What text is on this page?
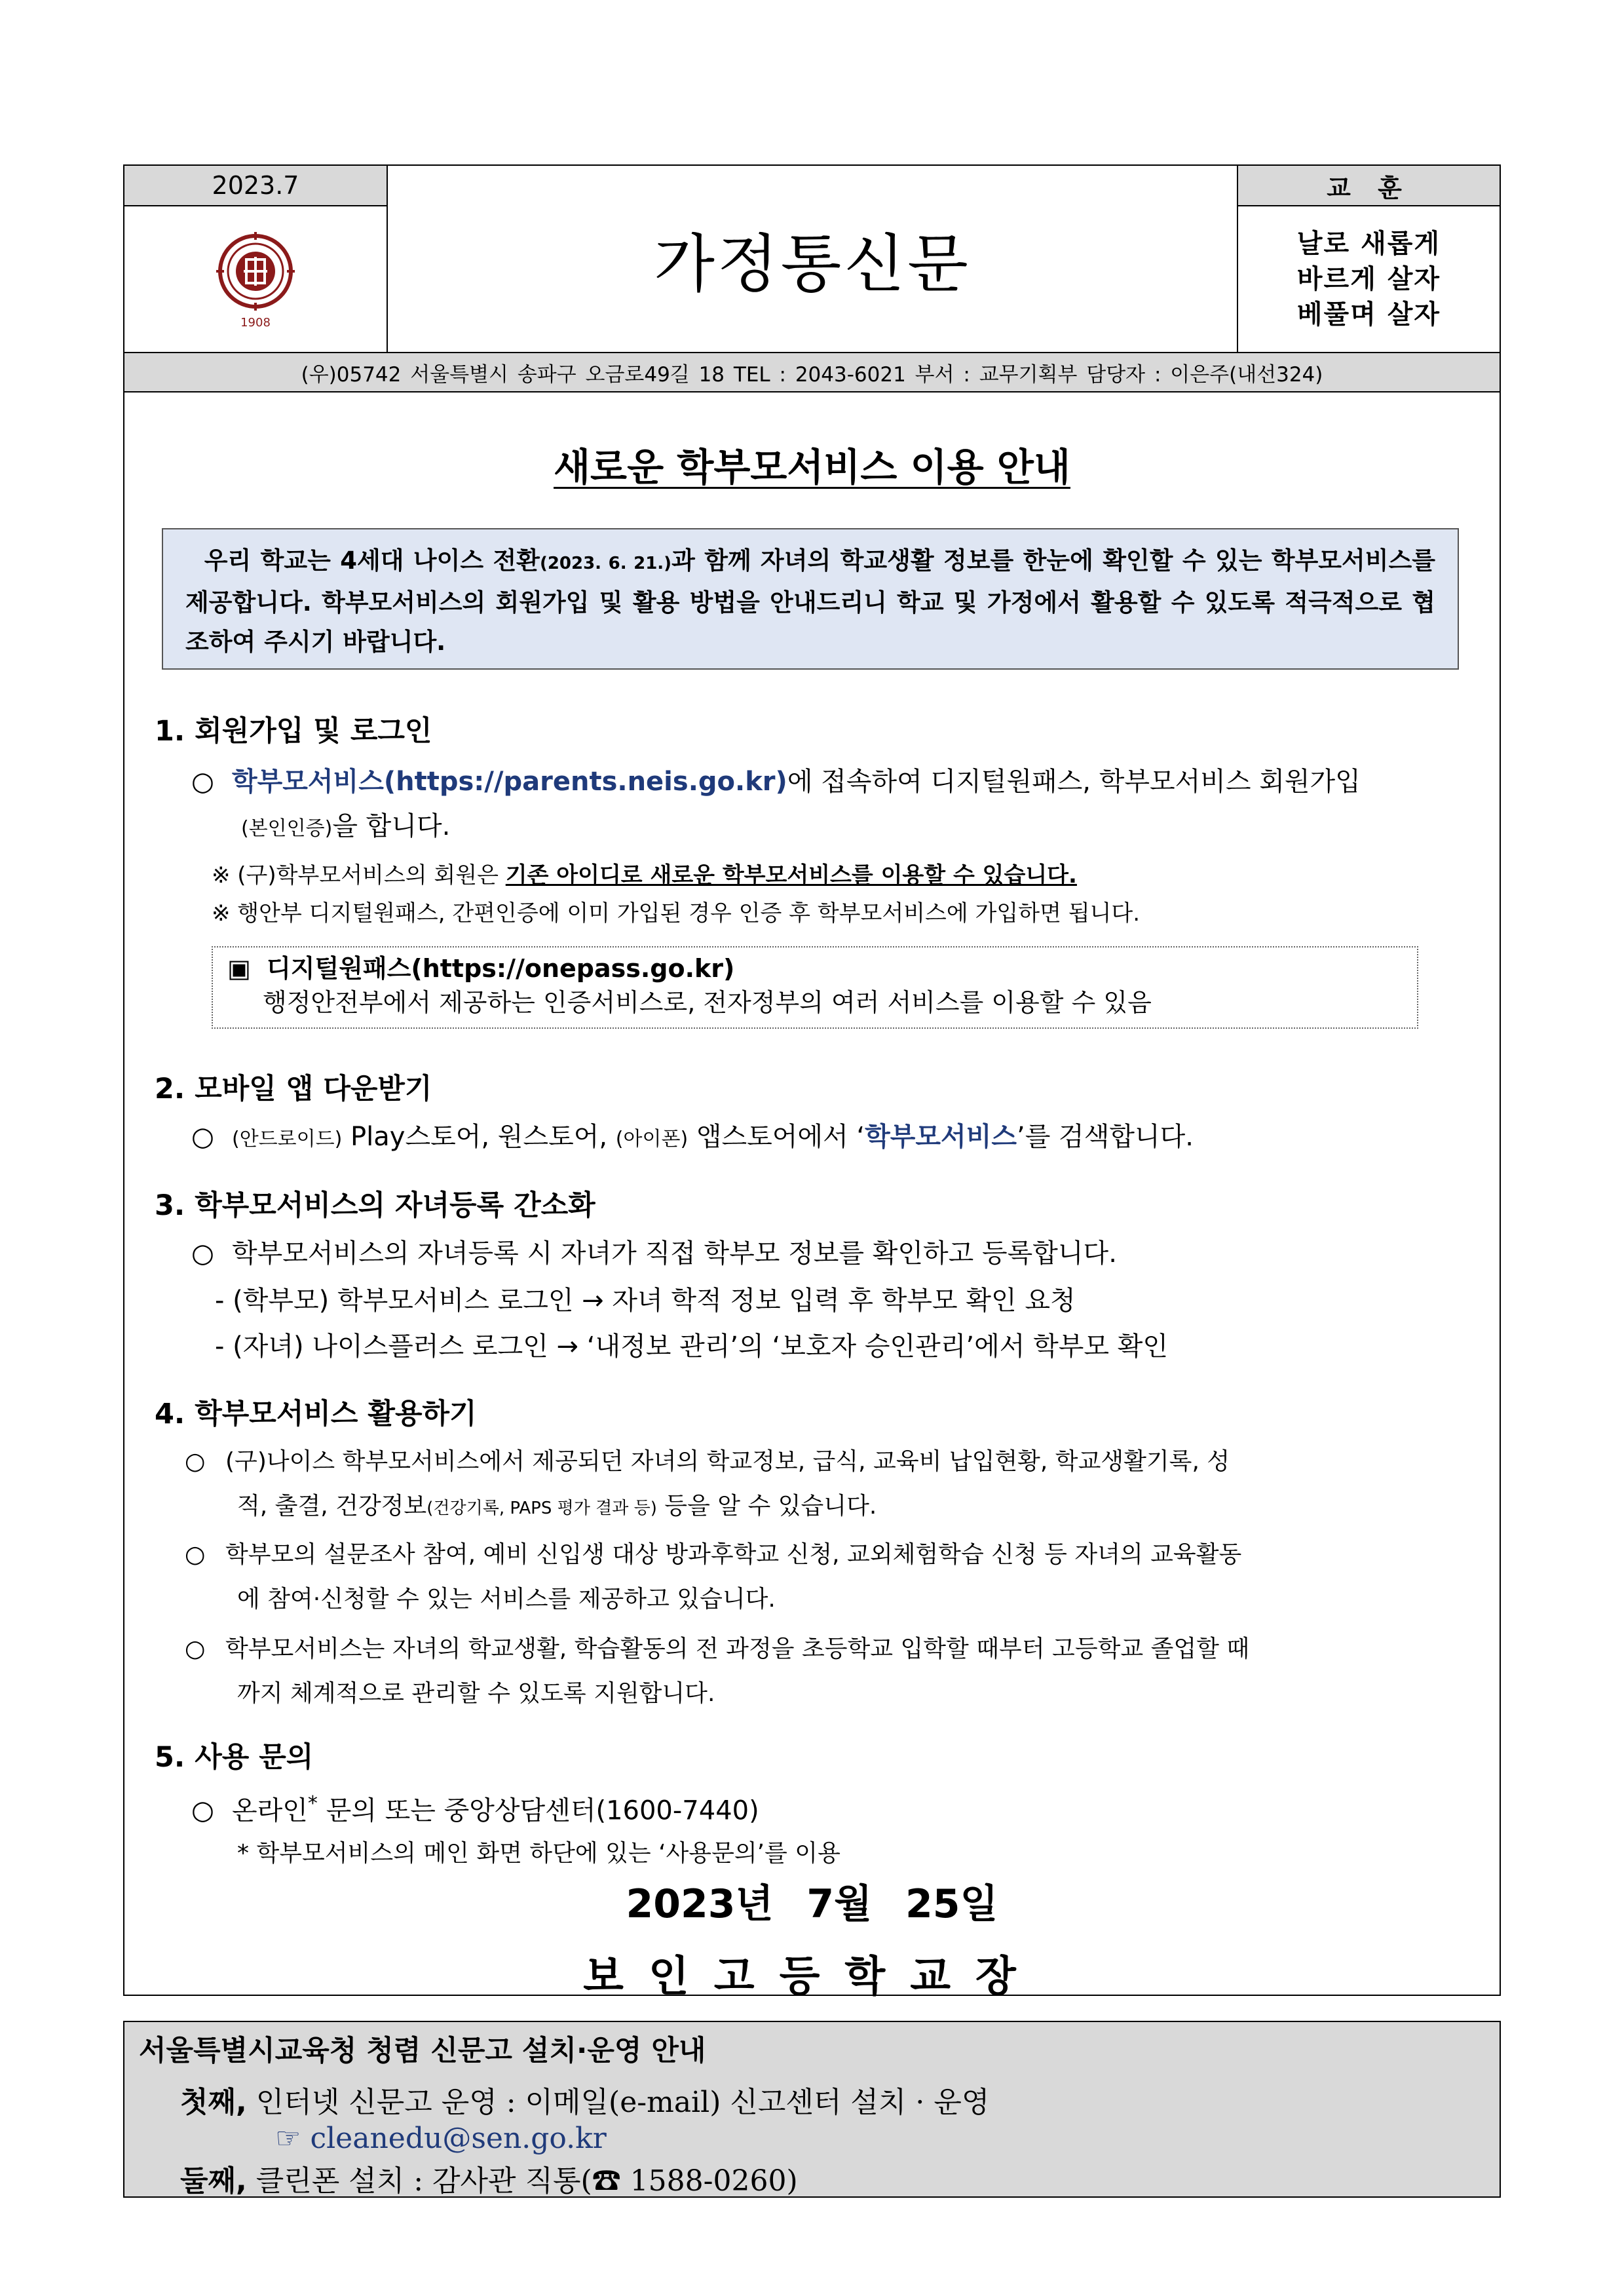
2023.7
1908
가정통신문
교 훈
날로 새롭게
바르게 살자
베풀며 살자
(우)05742 서울특별시 송파구 오금로49길 18 TEL : 2043-6021 부서 : 교무기획부 담당자 : 이은주(내선324)
새로운 학부모서비스 이용 안내
우리 학교는 4세대 나이스 전환(2023. 6. 21.)과 함께 자녀의 학교생활 정보를 한눈에 확인할 수 있는 학부모서비스를 제공합니다. 학부모서비스의 회원가입 및 활용 방법을 안내드리니 학교 및 가정에서 활용할 수 있도록 적극적으로 협조하여 주시기 바랍니다.
1. 회원가입 및 로그인
○ 학부모서비스(https://parents.neis.go.kr)에 접속하여 디지털원패스, 학부모서비스 회원가입
(본인인증)을 합니다.
※ (구)학부모서비스의 회원은 기존 아이디로 새로운 학부모서비스를 이용할 수 있습니다.
※ 행안부 디지털원패스, 간편인증에 이미 가입된 경우 인증 후 학부모서비스에 가입하면 됩니다.
▣ 디지털원패스(https://onepass.go.kr)
행정안전부에서 제공하는 인증서비스로, 전자정부의 여러 서비스를 이용할 수 있음
2. 모바일 앱 다운받기
○ (안드로이드) Play스토어, 원스토어, (아이폰) 앱스토어에서 ‘학부모서비스’를 검색합니다.
3. 학부모서비스의 자녀등록 간소화
○ 학부모서비스의 자녀등록 시 자녀가 직접 학부모 정보를 확인하고 등록합니다.
- (학부모) 학부모서비스 로그인 → 자녀 학적 정보 입력 후 학부모 확인 요청
- (자녀) 나이스플러스 로그인 → ‘내정보 관리’의 ‘보호자 승인관리’에서 학부모 확인
4. 학부모서비스 활용하기
○ (구)나이스 학부모서비스에서 제공되던 자녀의 학교정보, 급식, 교육비 납입현황, 학교생활기록, 성
적, 출결, 건강정보(건강기록, PAPS 평가 결과 등) 등을 알 수 있습니다.
○ 학부모의 설문조사 참여, 예비 신입생 대상 방과후학교 신청, 교외체험학습 신청 등 자녀의 교육활동
에 참여·신청할 수 있는 서비스를 제공하고 있습니다.
○ 학부모서비스는 자녀의 학교생활, 학습활동의 전 과정을 초등학교 입학할 때부터 고등학교 졸업할 때
까지 체계적으로 관리할 수 있도록 지원합니다.
5. 사용 문의
○ 온라인* 문의 또는 중앙상담센터(1600-7440)
* 학부모서비스의 메인 화면 하단에 있는 ‘사용문의’를 이용
2023년 7월 25일
보인고등학교장
서울특별시교육청 청렴 신문고 설치·운영 안내
첫째, 인터넷 신문고 운영 : 이메일(e-mail) 신고센터 설치 · 운영
☞ cleanedu@sen.go.kr
둘째, 클린폰 설치 : 감사관 직통(☎ 1588-0260)
